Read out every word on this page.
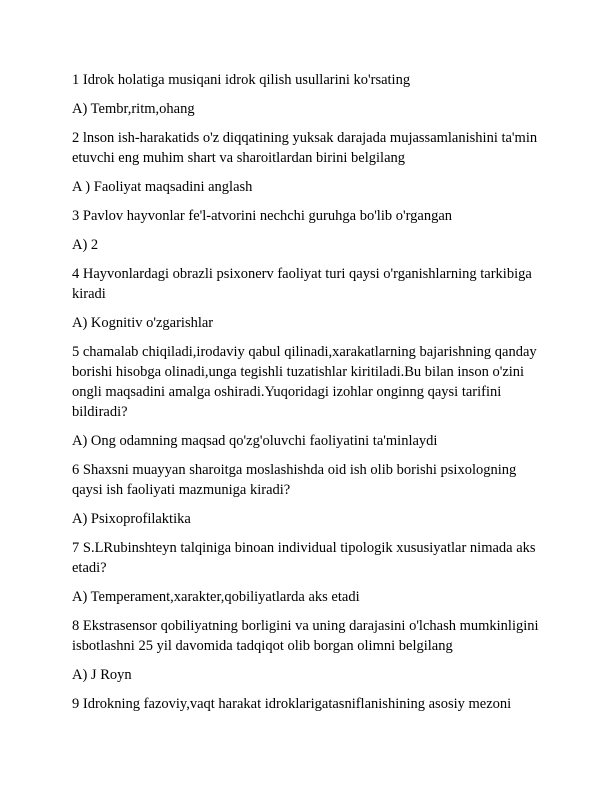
1 Idrok holatiga musiqani idrok qilish usullarini ko'rsating

A) Tembr,ritm,ohang

2 lnson ish-harakatids o'z diqqatining yuksak darajada mujassamlanishini ta'min etuvchi eng muhim shart va sharoitlardan birini belgilang

A ) Faoliyat maqsadini anglash

3 Pavlov hayvonlar fe'l-atvorini nechchi guruhga bo'lib o'rgangan

A) 2

4 Hayvonlardagi obrazli psixonerv faoliyat turi qaysi o'rganishlarning tarkibiga kiradi

A) Kognitiv o'zgarishlar

5 chamalab chiqiladi,irodaviy qabul qilinadi,xarakatlarning bajarishning qanday borishi hisobga olinadi,unga tegishli tuzatishlar kiritiladi.Bu bilan inson o'zini ongli maqsadini amalga oshiradi.Yuqoridagi izohlar onginng qaysi tarifini bildiradi?

A) Ong odamning maqsad qo'zg'oluvchi faoliyatini ta'minlaydi

6 Shaxsni muayyan sharoitga moslashishda oid ish olib borishi psixologning qaysi ish faoliyati mazmuniga kiradi?

A) Psixoprofilaktika

7 S.LRubinshteyn talqiniga binoan individual tipologik xususiyatlar nimada aks etadi?

A) Temperament,xarakter,qobiliyatlarda aks etadi

8 Ekstrasensor qobiliyatning borligini va uning darajasini o'lchash mumkinligini isbotlashni 25 yil davomida tadqiqot olib borgan olimni belgilang

A) J Royn

9 Idrokning fazoviy,vaqt harakat idroklarigatasniflanishining asosiy mezoni
